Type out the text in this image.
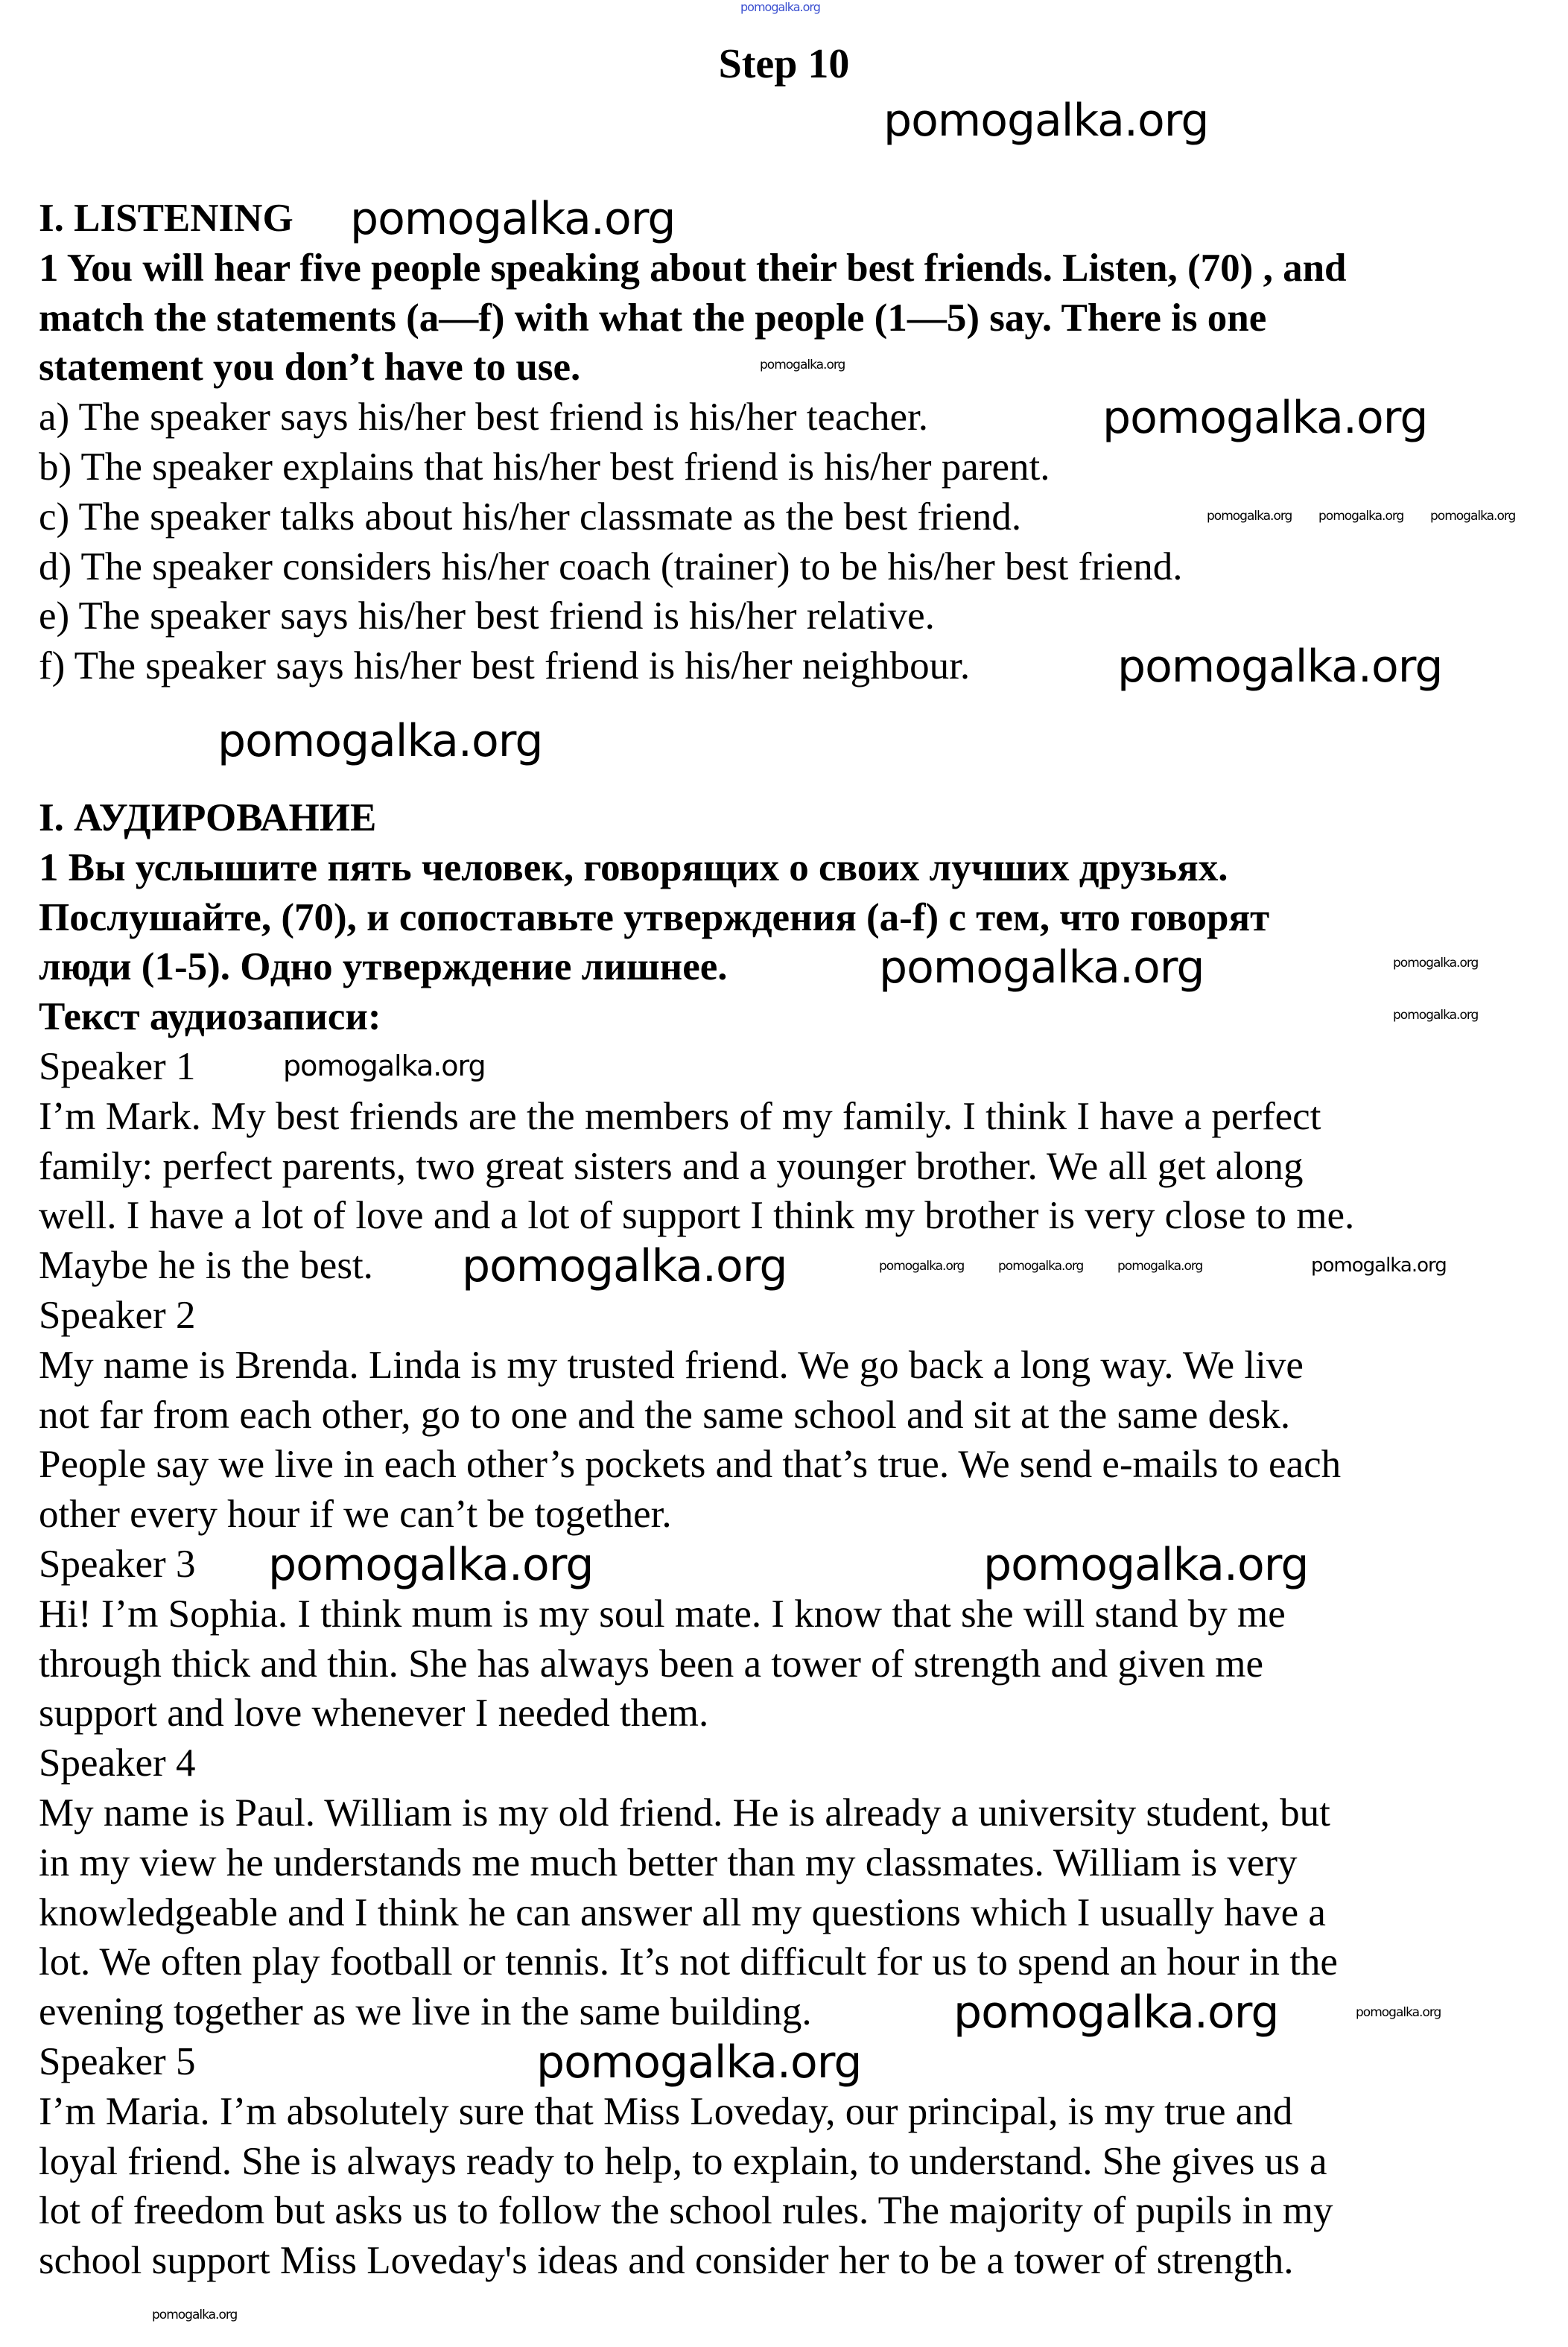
Step 10
I. LISTENING
1 You will hear five people speaking about their best friends. Listen, (70) , and
match the statements (a—f) with what the people (1—5) say. There is one
statement you don’t have to use.
a) The speaker says his/her best friend is his/her teacher.
b) The speaker explains that his/her best friend is his/her parent.
c) The speaker talks about his/her classmate as the best friend.
d) The speaker considers his/her coach (trainer) to be his/her best friend.
e) The speaker says his/her best friend is his/her relative.
f) The speaker says his/her best friend is his/her neighbour.
I. АУДИРОВАНИЕ
1 Вы услышите пять человек, говорящих о своих лучших друзьях.
Послушайте, (70), и сопоставьте утверждения (a-f) с тем, что говорят
люди (1-5). Одно утверждение лишнее.
Текст аудиозаписи:
Speaker 1
I’m Mark. My best friends are the members of my family. I think I have a perfect
family: perfect parents, two great sisters and a younger brother. We all get along
well. I have a lot of love and a lot of support I think my brother is very close to me.
Maybe he is the best.
Speaker 2
My name is Brenda. Linda is my trusted friend. We go back a long way. We live
not far from each other, go to one and the same school and sit at the same desk.
People say we live in each other’s pockets and that’s true. We send e-mails to each
other every hour if we can’t be together.
Speaker 3
Hi! I’m Sophia. I think mum is my soul mate. I know that she will stand by me
through thick and thin. She has always been a tower of strength and given me
support and love whenever I needed them.
Speaker 4
My name is Paul. William is my old friend. He is already a university student, but
in my view he understands me much better than my classmates. William is very
knowledgeable and I think he can answer all my questions which I usually have a
lot. We often play football or tennis. It’s not difficult for us to spend an hour in the
evening together as we live in the same building.
Speaker 5
I’m Maria. I’m absolutely sure that Miss Loveday, our principal, is my true and
loyal friend. She is always ready to help, to explain, to understand. She gives us a
lot of freedom but asks us to follow the school rules. The majority of pupils in my
school support Miss Loveday's ideas and consider her to be a tower of strength.
pomogalka.org
pomogalka.org
pomogalka.org
pomogalka.org
pomogalka.org
pomogalka.org
pomogalka.org
pomogalka.org
pomogalka.org	pomogalka.org
pomogalka.org
pomogalka.org
pomogalka.org
pomogalka.org
pomogalka.org
pomogalka.org
pomogalka.org
pomogalka.org pomogalka.org pomogalka.org
pomogalka.org	pomogalka.org	pomogalka.org
pomogalka.org
pomogalka.org
